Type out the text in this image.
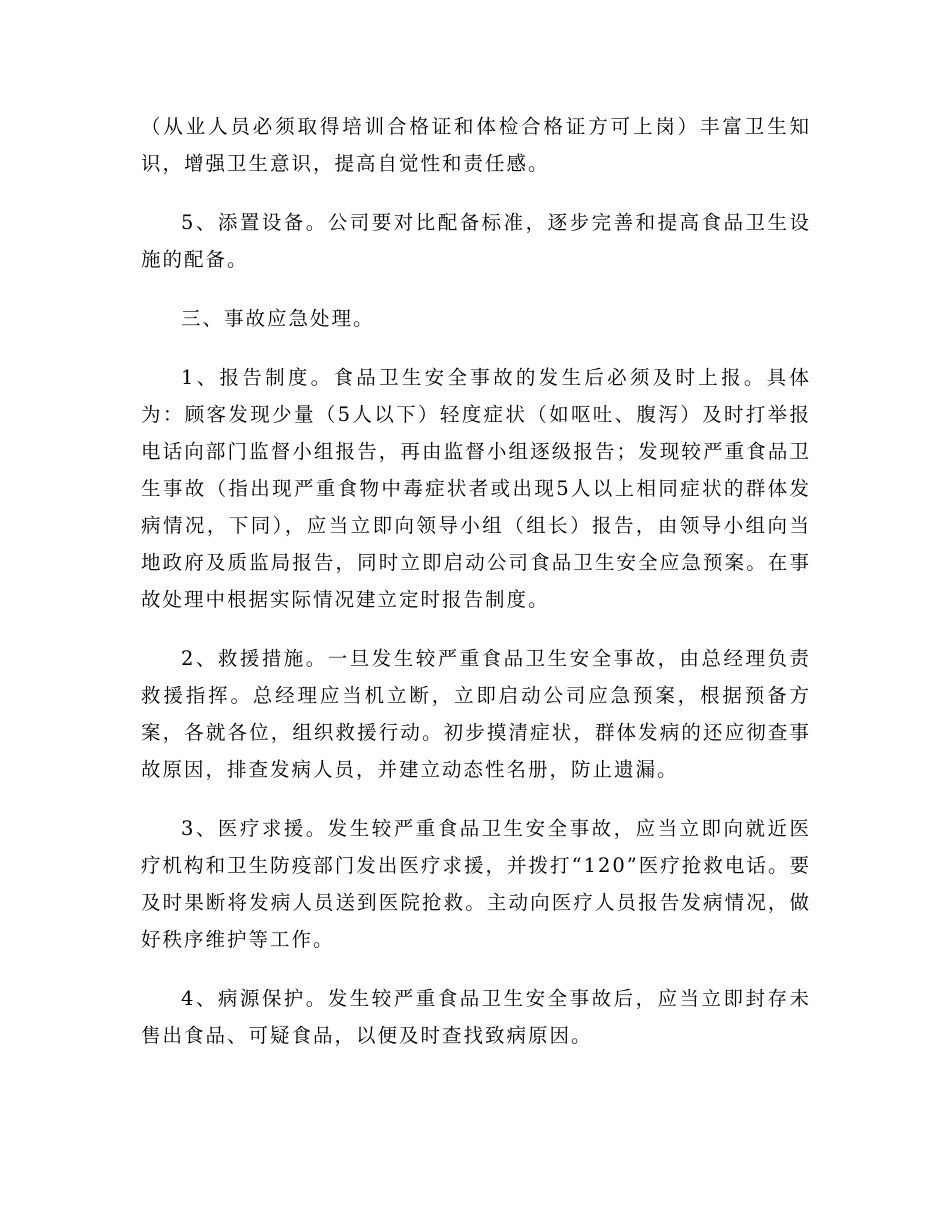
（从业人员必须取得培训合格证和体检合格证方可上岗）丰富卫生知识，增强卫生意识，提高自觉性和责任感。

5、添置设备。公司要对比配备标准，逐步完善和提高食品卫生设施的配备。

三、事故应急处理。

1、报告制度。食品卫生安全事故的发生后必须及时上报。具体为：顾客发现少量（5人以下）轻度症状（如呕吐、腹泻）及时打举报电话向部门监督小组报告，再由监督小组逐级报告；发现较严重食品卫生事故（指出现严重食物中毒症状者或出现5人以上相同症状的群体发病情况，下同），应当立即向领导小组（组长）报告，由领导小组向当地政府及质监局报告，同时立即启动公司食品卫生安全应急预案。在事故处理中根据实际情况建立定时报告制度。

2、救援措施。一旦发生较严重食品卫生安全事故，由总经理负责救援指挥。总经理应当机立断，立即启动公司应急预案，根据预备方案，各就各位，组织救援行动。初步摸清症状，群体发病的还应彻查事故原因，排查发病人员，并建立动态性名册，防止遗漏。

3、医疗求援。发生较严重食品卫生安全事故，应当立即向就近医疗机构和卫生防疫部门发出医疗求援，并拨打“120”医疗抢救电话。要及时果断将发病人员送到医院抢救。主动向医疗人员报告发病情况，做好秩序维护等工作。

4、病源保护。发生较严重食品卫生安全事故后，应当立即封存未售出食品、可疑食品，以便及时查找致病原因。
